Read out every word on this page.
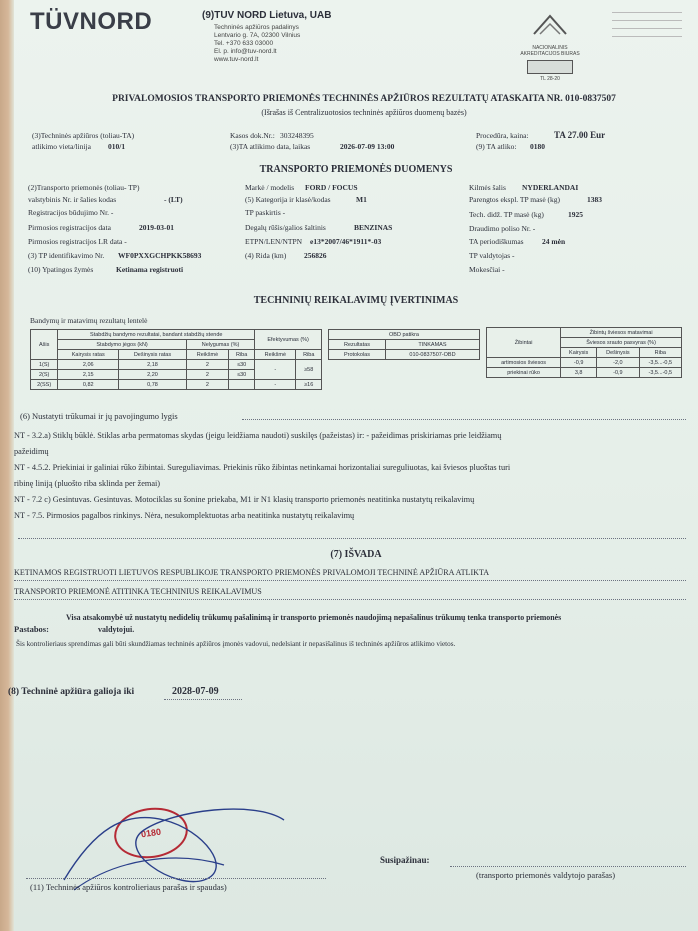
TÜVNORD	(9)TUV NORD Lietuva, UAB
Techninės apžiūros padalinys
Lentvario g. 7A, 02300 Vilnius
Tel. +370 633 03000
El. p. info@tuv-nord.lt
www.tuv-nord.lt
NACIONALINIS
AKREDITACIJOS BIURAS
TL 28-20
PRIVALOMOSIOS TRANSPORTO PRIEMONĖS TECHNINĖS APŽIŪROS REZULTATŲ ATASKAITA NR. 010-0837507
(Išrašas iš Centralizuotosios techninės apžiūros duomenų bazės)
(3)Techninės apžiūros (toliau-TA)
atlikimo vieta/linija 010/1
Kasos dok.Nr.: 303248395
(3)TA atlikimo data, laikas	2026-07-09 13:00
Procedūra, kaina:	TA 27.00 Eur
(9) TA atliko: 0180
TRANSPORTO PRIEMONĖS DUOMENYS
(2)Transporto priemonės (toliau- TP)
valstybinis Nr. ir šalies kodas	- (LT)
Registracijos būdujimo Nr. -
Pirmosios registracijos data	2019-03-01
Pirmosios registracijos LR data -
(3) TP identifikavimo Nr. WF0PXXGCHPKK58693
(10) Ypatingos žymės	Ketinama registruoti
Markė / modelis FORD / FOCUS
(5) Kategorija ir klasė/kodas	M1
TP paskirtis -
Degalų rūšis/galios šaltinis	BENZINAS
ETPN/LEN/NTPN e13*2007/46*1911*-03
(4) Rida (km) 256826
Kilmės šalis NYDERLANDAI
Parengtos ekspl. TP masė (kg)	1383
Tech. didž. TP masė (kg)	1925
Draudimo poliso Nr. -
TA periodiškumas 24 mėn
TP valdytojas -
Mokesčiai -
TECHNINIŲ REIKALAVIMŲ ĮVERTINIMAS
Bandymų ir matavimų rezultatų lentelė
Ašis	Stabdžių bandymo rezultatai, bandant stabdžių stende				Efektyvumas (%)	
	Stabdymo jėgos (kN)		Nelygumas (%)			
	Kairysis ratas	Dešinysis ratas	Reikšmė	Riba	Reikšmė	Riba
1(S)	2,06	2,18	2	≤30	-	≥58
2(S)	2,15	2,20	2	≤30		
2(SS)	0,82	0,78	2		-	≥16
OBD patikra	
Rezultatas	TINKAMAS
Protokolas	010-0837507-OBD
Žibintai	Žibintų šviesos matavimai		
	Šviesos srauto pasvyras (%)		
	Kairysis	Dešinysis	Riba
artimosios šviesos	-0,9	-2,0	-3,5...-0,5
priekinai rūko	3,8	-0,9	-3,5...-0,5
(6) Nustatyti trūkumai ir jų pavojingumo lygis
NT - 3.2.a) Stiklų būklė. Stiklas arba permatomas skydas (jeigu leidžiama naudoti) suskilęs (pažeistas) ir: - pažeidimas priskiriamas prie leidžiamų
pažeidimų
NT - 4.5.2. Priekiniai ir galiniai rūko žibintai. Sureguliavimas. Priekinis rūko žibintas netinkamai horizontaliai sureguliuotas, kai šviesos pluoštas turi
ribinę liniją (pluošto riba sklinda per žemai)
NT - 7.2 c) Gesintuvas. Gesintuvas. Motociklas su šonine priekaba, M1 ir N1 klasių transporto priemonės neatitinka nustatytų reikalavimų
NT - 7.5. Pirmosios pagalbos rinkinys. Nėra, nesukomplektuotas arba neatitinka nustatytų reikalavimų
(7) IŠVADA
KETINAMOS REGISTRUOTI LIETUVOS RESPUBLIKOJE TRANSPORTO PRIEMONĖS PRIVALOMOJI TECHNINĖ APŽIŪRA ATLIKTA
TRANSPORTO PRIEMONĖ ATITINKA TECHNINIUS REIKALAVIMUS
Pastabos:
Visa atsakomybė už nustatytų nedidelių trūkumų pašalinimą ir transporto priemonės naudojimą nepašalinus trūkumų tenka transporto priemonės
valdytojui.
Šis kontrolieriaus sprendimas gali būti skundžiamas techninės apžiūros įmonės vadovui, nedelsiant ir nepasišalinus iš techninės apžiūros atlikimo vietos.
(8) Techninė apžiūra galioja iki	2028-07-09
0180
Susipažinau:
(11) Techninės apžiūros kontrolieriaus parašas ir spaudas)
(transporto priemonės valdytojo parašas)
